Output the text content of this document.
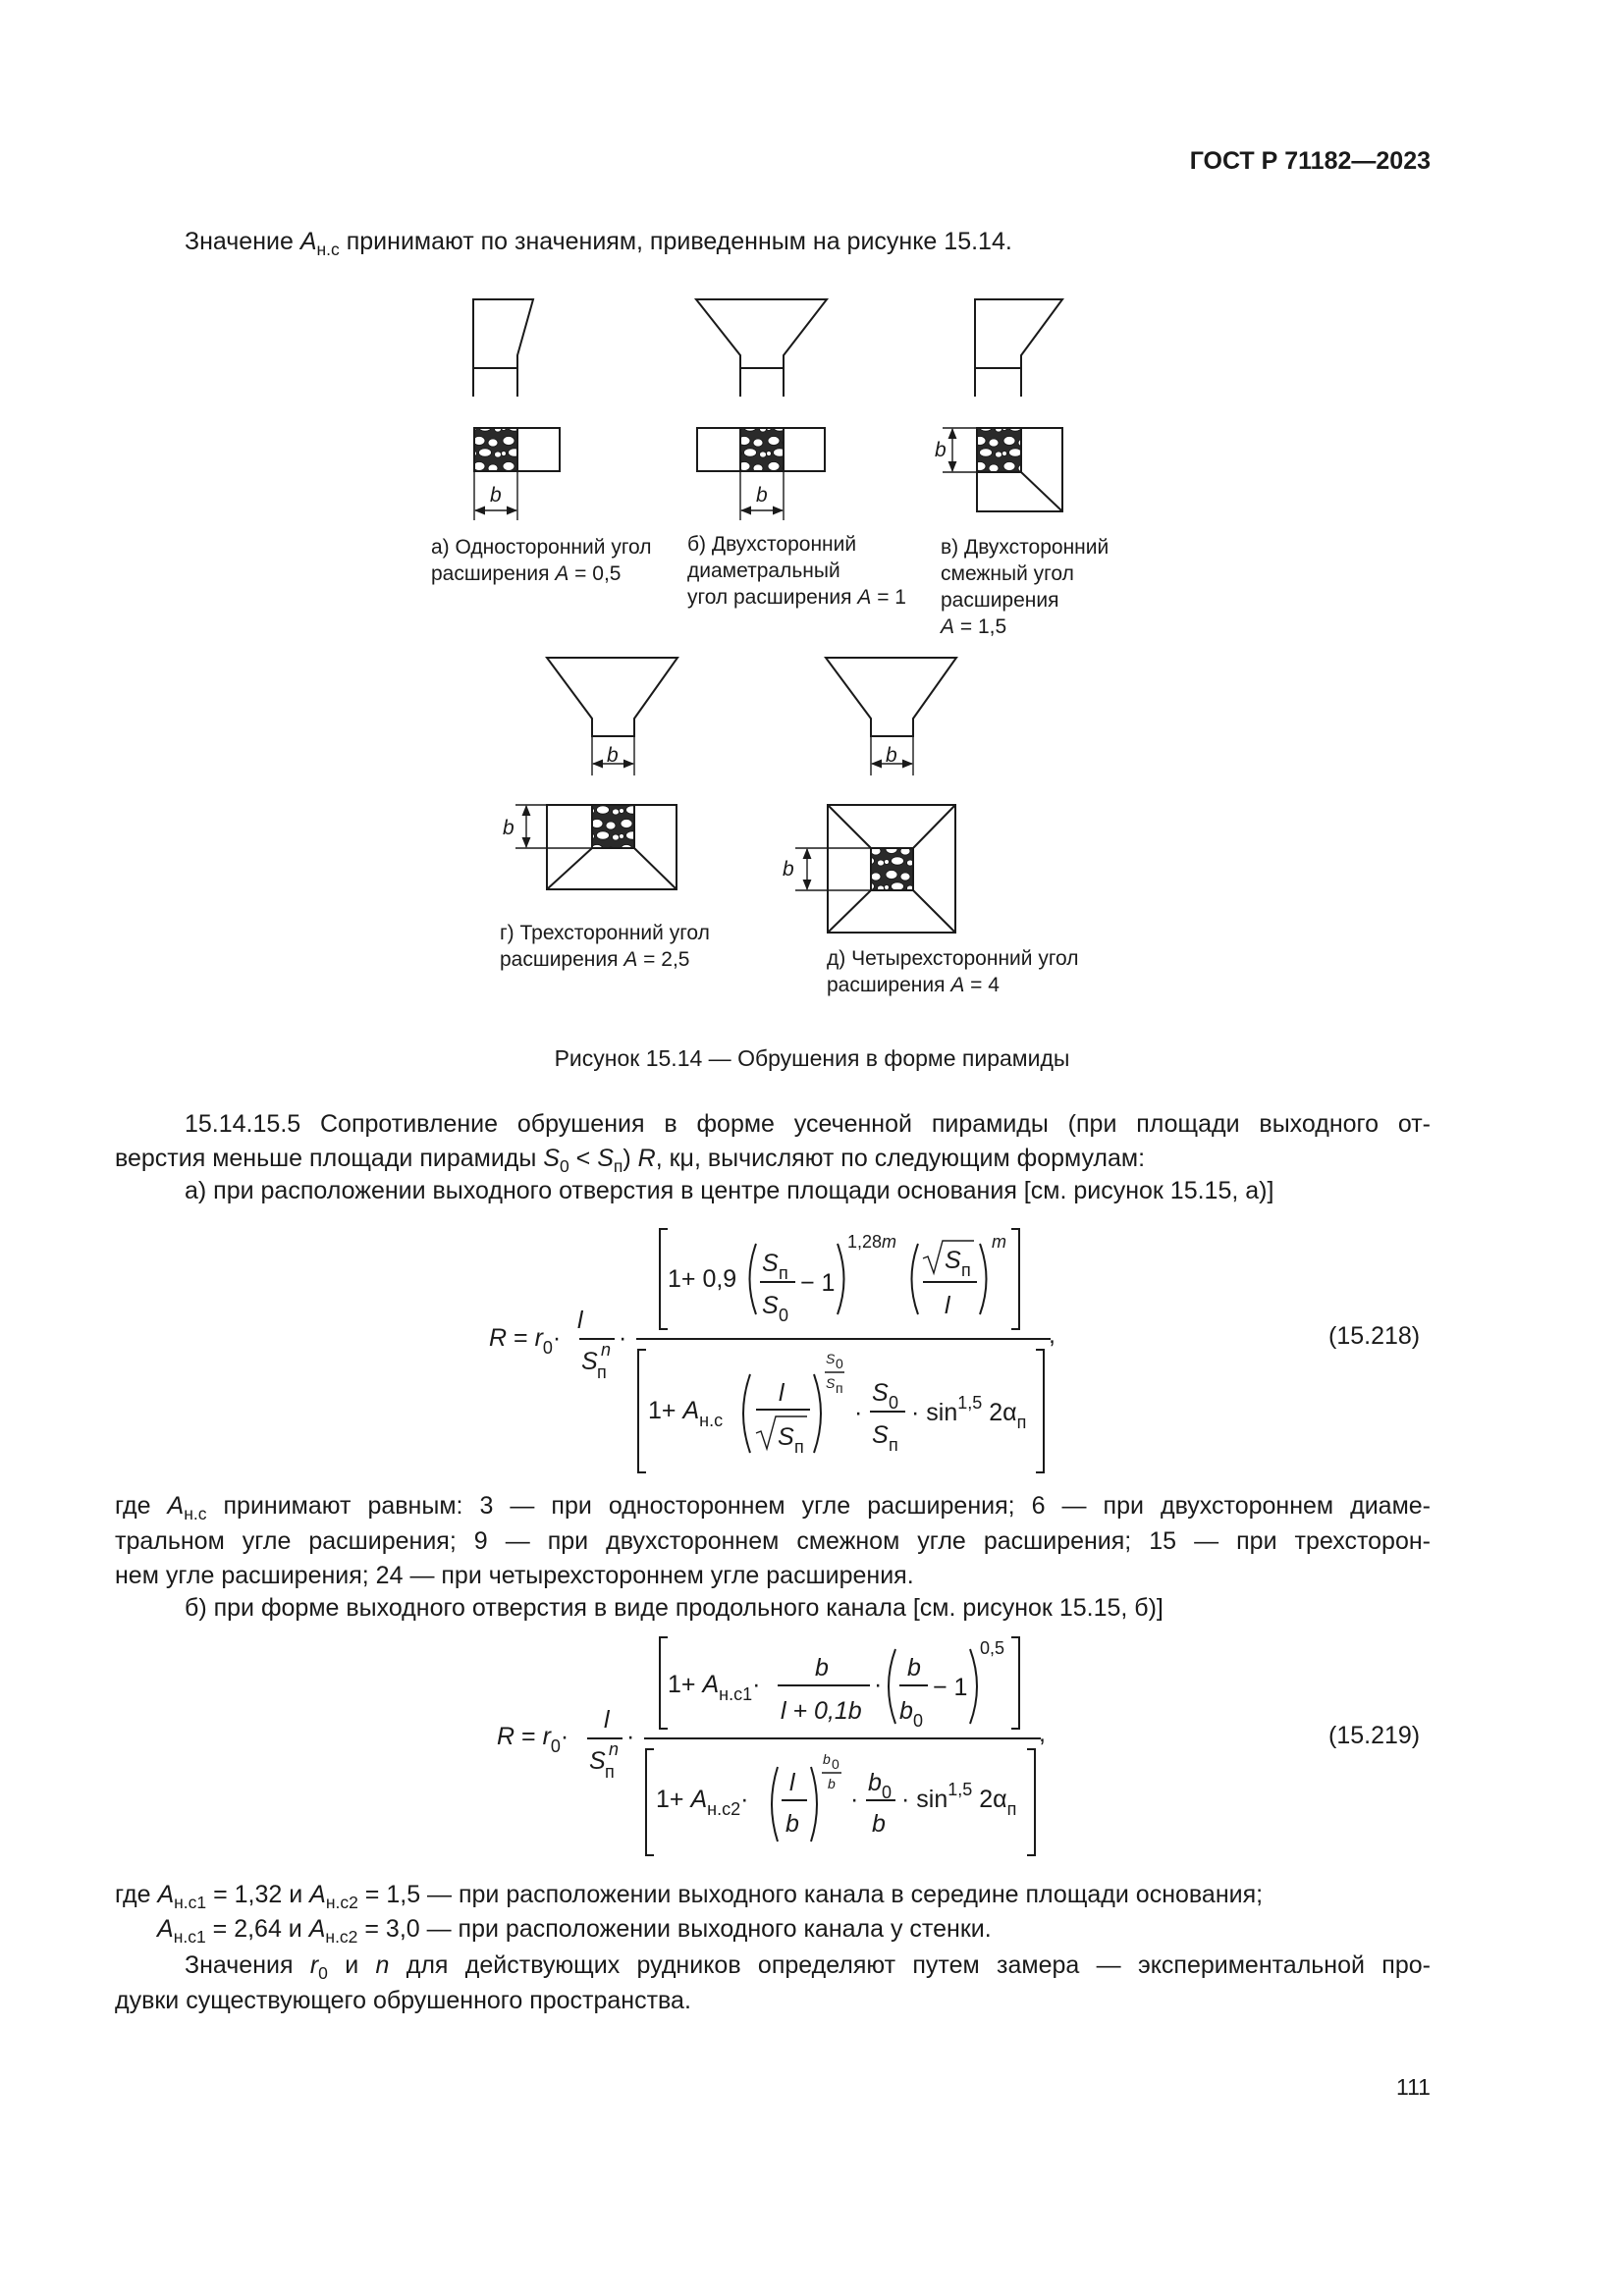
ГОСТ Р 71182—2023
Значение $A_{н.с}$ принимают по значениям, приведенным на рисунке 15.14.
b	b
b
b
b
b
b
а) Односторонний угол
расширения A = 0,5
б) Двухсторонний
диаметральный
угол расширения A = 1
в) Двухсторонний
смежный угол
расширения
A = 1,5
г) Трехсторонний угол
расширения A = 2,5	д) Четырехсторонний угол
расширения A = 4
Рисунок 15.14 — Обрушения в форме пирамиды
15.14.15.5 Сопротивление обрушения в форме усеченной пирамиды (при площади выходного от-
верстия меньше площади пирамиды $S_0 < S_п$) R, кμ, вычисляют по следующим формулам:
а) при расположении выходного отверстия в центре площади основания [см. рисунок 15.15, а)]
$R = r_0\cdot$
l
S п
n ·
1+ 0,9
S п
S 0
− 1
1,28m
S п
l
m
$1+ A_{н.с}$
l
S п
S 0
S п
·
S 0
S п
· $\sin^{1,5} 2\alpha_п$
,	(15.218)
где $A_{н.с}$ принимают равным: 3 — при одностороннем угле расширения; 6 — при двухстороннем диаме-
тральном угле расширения; 9 — при двухстороннем смежном угле расширения; 15 — при трехсторон-
нем угле расширения; 24 — при четырехстороннем угле расширения.
б) при форме выходного отверстия в виде продольного канала [см. рисунок 15.15, б)]
$R = r_0\cdot$
l
S п
n ·
$1+ A_{н.с1}\cdot$
b
l + 0,1b
·
b
b 0
− 1
0,5
$1+ A_{н.с2}\cdot$
l
b
b 0
b
·
b 0
b
· $\sin^{1,5} 2\alpha_п$
,	(15.219)
где $A_{н.с1} = 1,32$ и $A_{н.с2} = 1,5$ — при расположении выходного канала в середине площади основания;
$A_{н.с1} = 2,64$ и $A_{н.с2} = 3,0$ — при расположении выходного канала у стенки.
Значения $r_0$ и n для действующих рудников определяют путем замера — экспериментальной про-
дувки существующего обрушенного пространства.
111
